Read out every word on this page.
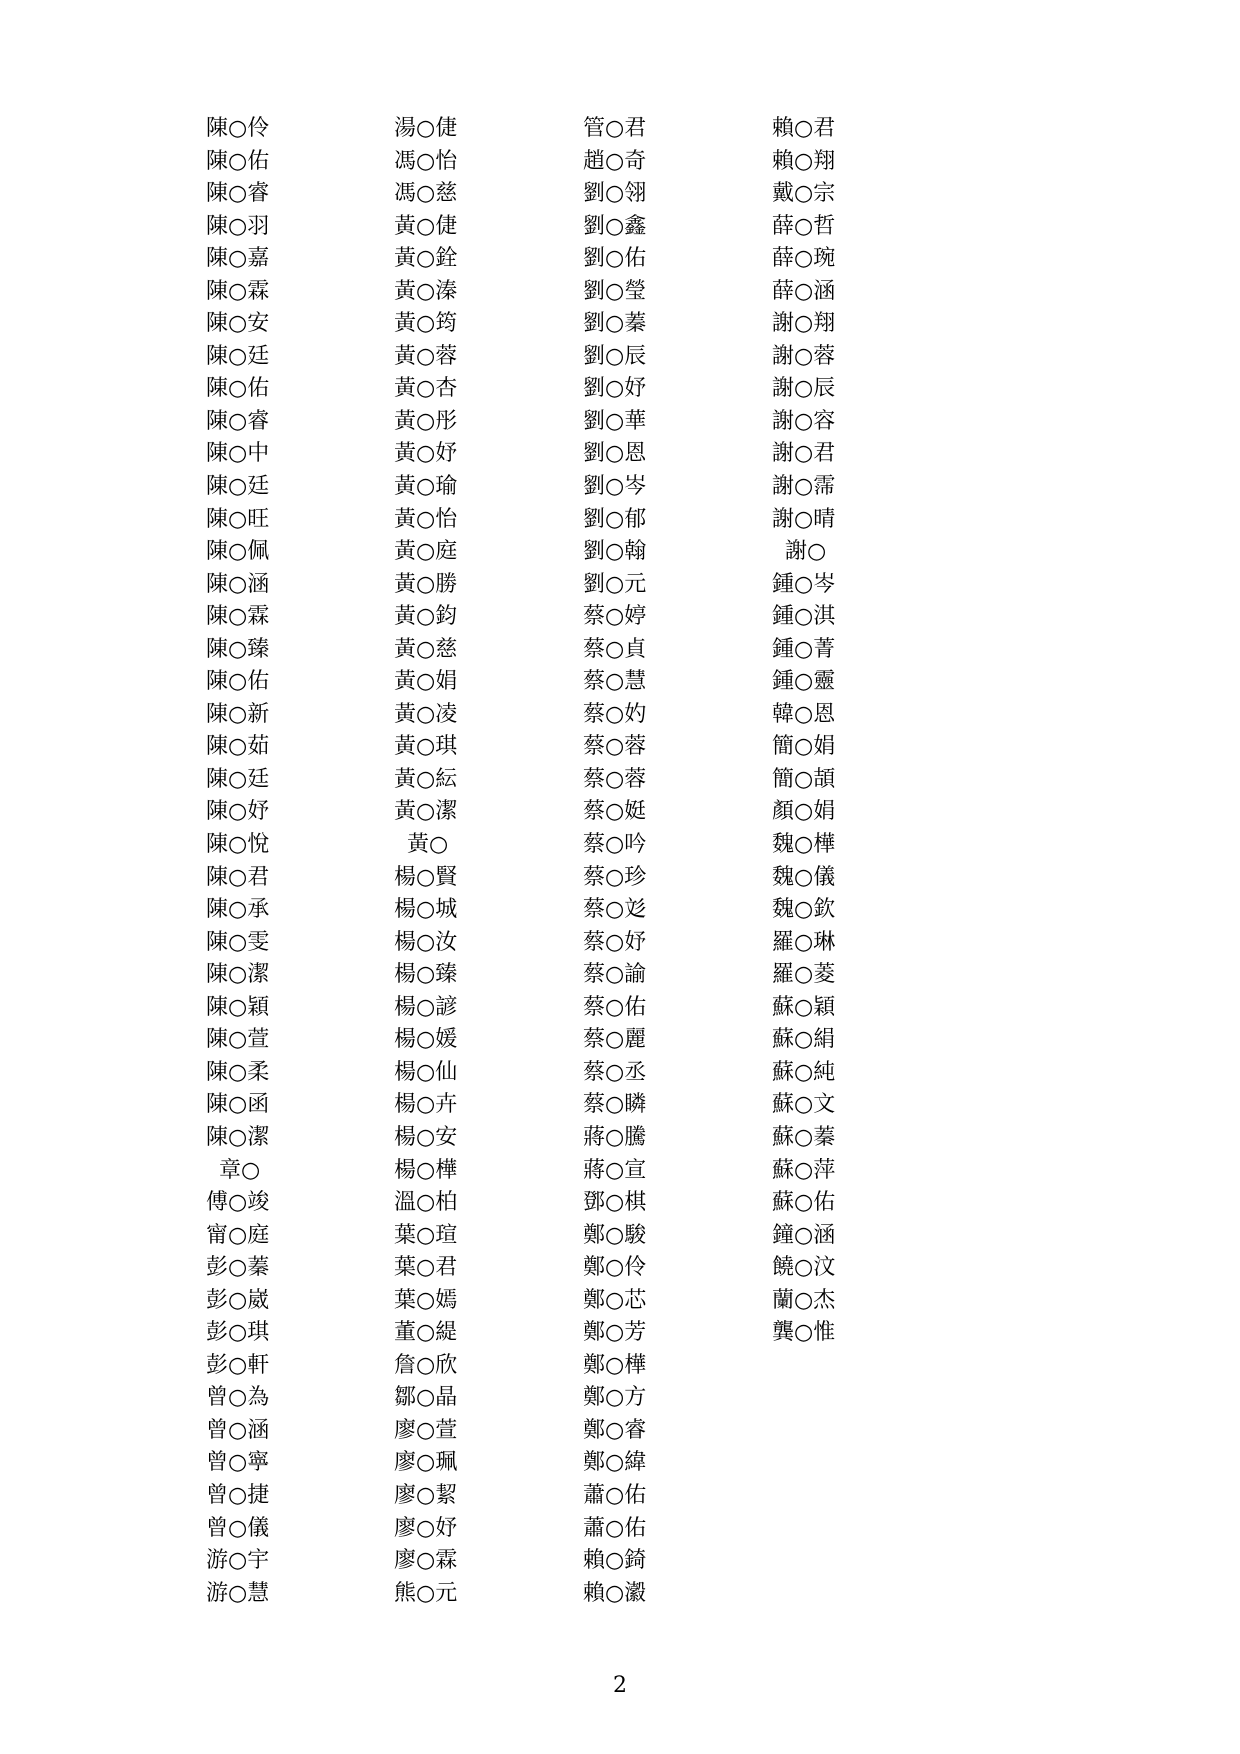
陳○伶
陳○佑
陳○睿
陳○羽
陳○嘉
陳○霖
陳○安
陳○廷
陳○佑
陳○睿
陳○中
陳○廷
陳○旺
陳○佩
陳○涵
陳○霖
陳○臻
陳○佑
陳○新
陳○茹
陳○廷
陳○妤
陳○悅
陳○君
陳○承
陳○雯
陳○潔
陳○穎
陳○萱
陳○柔
陳○函
陳○潔
章○
傅○竣
甯○庭
彭○蓁
彭○崴
彭○琪
彭○軒
曾○為
曾○涵
曾○寧
曾○捷
曾○儀
游○宇
游○慧
湯○倢
馮○怡
馮○慈
黃○倢
黃○銓
黃○溱
黃○筠
黃○蓉
黃○杏
黃○彤
黃○妤
黃○瑜
黃○怡
黃○庭
黃○勝
黃○鈞
黃○慈
黃○娟
黃○凌
黃○琪
黃○紜
黃○潔
黃○
楊○賢
楊○城
楊○汝
楊○臻
楊○諺
楊○媛
楊○仙
楊○卉
楊○安
楊○樺
溫○柏
葉○瑄
葉○君
葉○嫣
董○緹
詹○欣
鄒○晶
廖○萱
廖○珮
廖○絜
廖○妤
廖○霖
熊○元
管○君
趙○奇
劉○翎
劉○鑫
劉○佑
劉○瑩
劉○蓁
劉○辰
劉○妤
劉○華
劉○恩
劉○岑
劉○郁
劉○翰
劉○元
蔡○婷
蔡○貞
蔡○慧
蔡○妁
蔡○蓉
蔡○蓉
蔡○娗
蔡○吟
蔡○珍
蔡○彣
蔡○妤
蔡○諭
蔡○佑
蔡○麗
蔡○丞
蔡○瞵
蔣○騰
蔣○宣
鄧○棋
鄭○駿
鄭○伶
鄭○芯
鄭○芳
鄭○樺
鄭○方
鄭○睿
鄭○緯
蕭○佑
蕭○佑
賴○錡
賴○瀫
賴○君
賴○翔
戴○宗
薛○哲
薛○琬
薛○涵
謝○翔
謝○蓉
謝○辰
謝○容
謝○君
謝○霈
謝○晴
謝○
鍾○岑
鍾○淇
鍾○菁
鍾○靈
韓○恩
簡○娟
簡○頡
顏○娟
魏○樺
魏○儀
魏○欽
羅○琳
羅○菱
蘇○穎
蘇○絹
蘇○純
蘇○文
蘇○蓁
蘇○萍
蘇○佑
鐘○涵
饒○汶
蘭○杰
龔○惟
2
